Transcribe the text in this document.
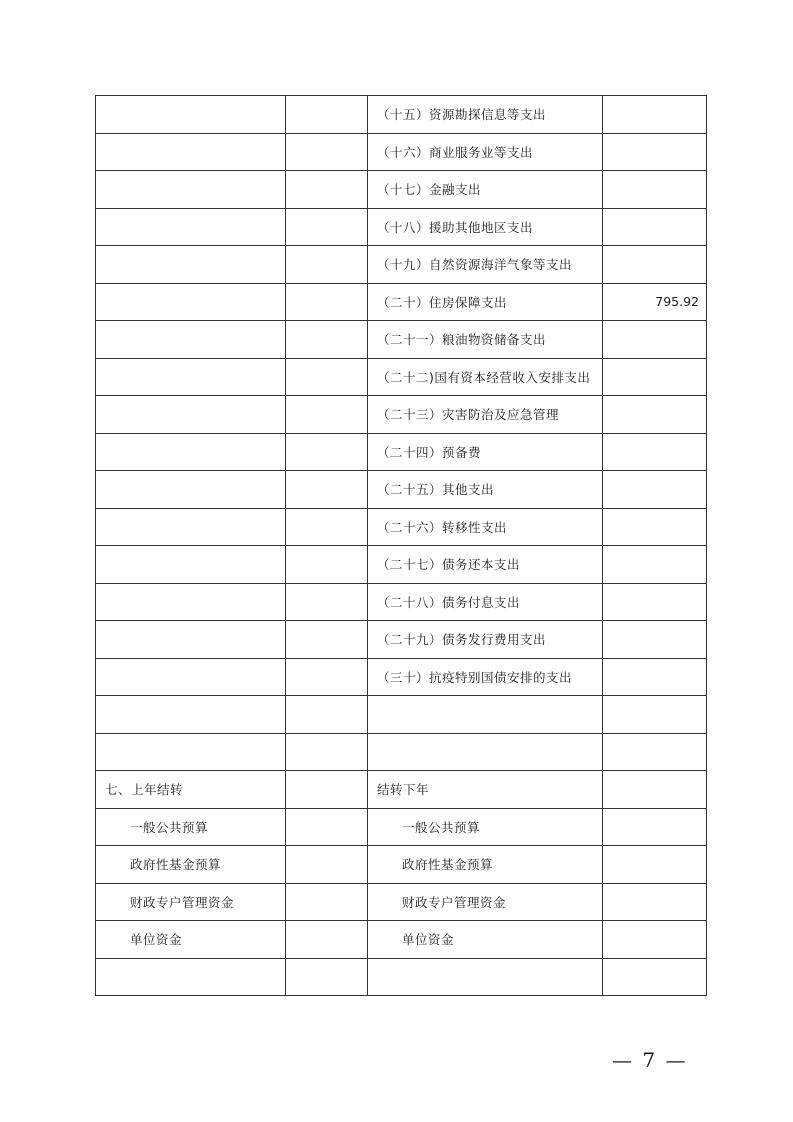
		（十五）资源勘探信息等支出	
		（十六）商业服务业等支出	
		（十七）金融支出	
		（十八）援助其他地区支出	
		（十九）自然资源海洋气象等支出	
		（二十）住房保障支出	795.92
		（二十一）粮油物资储备支出	
		（二十二)国有资本经营收入安排支出	
		（二十三）灾害防治及应急管理	
		（二十四）预备费	
		（二十五）其他支出	
		（二十六）转移性支出	
		（二十七）债务还本支出	
		（二十八）债务付息支出	
		（二十九）债务发行费用支出	
		（三十）抗疫特别国债安排的支出	

七、上年结转		结转下年	
一般公共预算		一般公共预算	
政府性基金预算		政府性基金预算	
财政专户管理资金		财政专户管理资金	
单位资金		单位资金	

— 7 —
